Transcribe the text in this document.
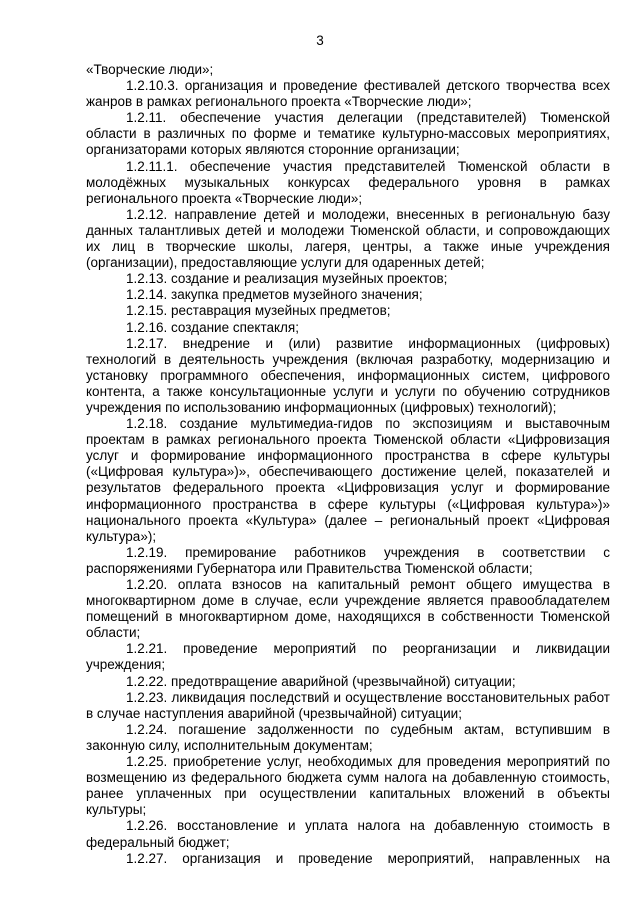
3

«Творческие люди»;

1.2.10.3. организация и проведение фестивалей детского творчества всех жанров в рамках регионального проекта «Творческие люди»;

1.2.11. обеспечение участия делегации (представителей) Тюменской области в различных по форме и тематике культурно-массовых мероприятиях, организаторами которых являются сторонние организации;

1.2.11.1. обеспечение участия представителей Тюменской области в молодёжных музыкальных конкурсах федерального уровня в рамках регионального проекта «Творческие люди»;

1.2.12. направление детей и молодежи, внесенных в региональную базу данных талантливых детей и молодежи Тюменской области, и сопровождающих их лиц в творческие школы, лагеря, центры, а также иные учреждения (организации), предоставляющие услуги для одаренных детей;

1.2.13. создание и реализация музейных проектов;

1.2.14. закупка предметов музейного значения;

1.2.15. реставрация музейных предметов;

1.2.16. создание спектакля;

1.2.17. внедрение и (или) развитие информационных (цифровых) технологий в деятельность учреждения (включая разработку, модернизацию и установку программного обеспечения, информационных систем, цифрового контента, а также консультационные услуги и услуги по обучению сотрудников учреждения по использованию информационных (цифровых) технологий);

1.2.18. создание мультимедиа-гидов по экспозициям и выставочным проектам в рамках регионального проекта Тюменской области «Цифровизация услуг и формирование информационного пространства в сфере культуры («Цифровая культура»)», обеспечивающего достижение целей, показателей и результатов федерального проекта «Цифровизация услуг и формирование информационного пространства в сфере культуры («Цифровая культура»)» национального проекта «Культура» (далее – региональный проект «Цифровая культура»);

1.2.19. премирование работников учреждения в соответствии с распоряжениями Губернатора или Правительства Тюменской области;

1.2.20. оплата взносов на капитальный ремонт общего имущества в многоквартирном доме в случае, если учреждение является правообладателем помещений в многоквартирном доме, находящихся в собственности Тюменской области;

1.2.21. проведение мероприятий по реорганизации и ликвидации учреждения;

1.2.22. предотвращение аварийной (чрезвычайной) ситуации;

1.2.23. ликвидация последствий и осуществление восстановительных работ в случае наступления аварийной (чрезвычайной) ситуации;

1.2.24. погашение задолженности по судебным актам, вступившим в законную силу, исполнительным документам;

1.2.25. приобретение услуг, необходимых для проведения мероприятий по возмещению из федерального бюджета сумм налога на добавленную стоимость, ранее уплаченных при осуществлении капитальных вложений в объекты культуры;

1.2.26. восстановление и уплата налога на добавленную стоимость в федеральный бюджет;

1.2.27. организация и проведение мероприятий, направленных на
